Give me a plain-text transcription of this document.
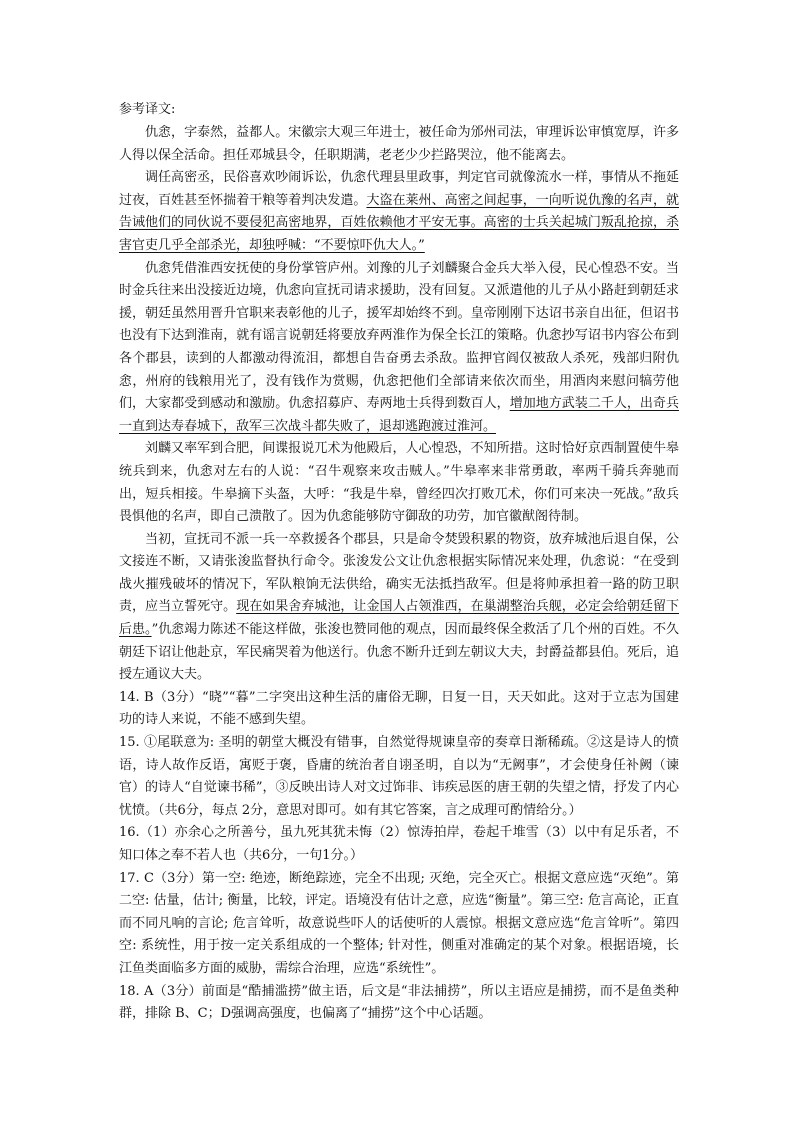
参考译文:

仇悆，字泰然，益都人。宋徽宗大观三年进士，被任命为邠州司法，审理诉讼审慎宽厚，许多人得以保全活命。担任邓城县令，任职期满，老老少少拦路哭泣，他不能离去。

调任高密丞，民俗喜欢吵闹诉讼，仇悆代理县里政事，判定官司就像流水一样，事情从不拖延过夜，百姓甚至怀揣着干粮等着判决发遣。大盗在莱州、高密之间起事，一向听说仇豫的名声，就告诫他们的同伙说不要侵犯高密地界，百姓依赖他才平安无事。高密的士兵关起城门叛乱抢掠，杀害官吏几乎全部杀光，却独呼喊：“不要惊吓仇大人。”

仇悆凭借淮西安抚使的身份掌管庐州。刘豫的儿子刘麟聚合金兵大举入侵，民心惶恐不安。当时金兵往来出没接近边境，仇悆向宣抚司请求援助，没有回复。又派遣他的儿子从小路赶到朝廷求援，朝廷虽然用晋升官职来表彰他的儿子，援军却始终不到。皇帝刚刚下达诏书亲自出征，但诏书也没有下达到淮南，就有谣言说朝廷将要放弃两淮作为保全长江的策略。仇悆抄写诏书内容公布到各个郡县，读到的人都激动得流泪，都想自告奋勇去杀敌。监押官阎仅被敌人杀死，残部归附仇悆，州府的钱粮用光了，没有钱作为赏赐，仇悆把他们全部请来依次而坐，用酒肉来慰问犒劳他们，大家都受到感动和激励。仇悆招募庐、寿两地士兵得到数百人，增加地方武装二千人，出奇兵一直到达寿春城下，敌军三次战斗都失败了，退却逃跑渡过淮河。

刘麟又率军到合肥，间谍报说兀术为他殿后，人心惶恐，不知所措。这时恰好京西制置使牛皋统兵到来，仇悆对左右的人说：“召牛观察来攻击贼人。”牛皋率来非常勇敢，率两千骑兵奔驰而出，短兵相接。牛皋摘下头盔，大呼：“我是牛皋，曾经四次打败兀术，你们可来决一死战。”敌兵畏惧他的名声，即自己溃散了。因为仇悆能够防守御敌的功劳，加官徽猷阁待制。

当初，宣抚司不派一兵一卒救援各个郡县，只是命令焚毁积累的物资，放弃城池后退自保，公文接连不断，又请张浚监督执行命令。张浚发公文让仇悆根据实际情况来处理，仇悆说：“在受到战火摧残破坏的情况下，军队粮饷无法供给，确实无法抵挡敌军。但是将帅承担着一路的防卫职责，应当立誓死守。现在如果舍弃城池，让金国人占领淮西，在巢湖整治兵舰，必定会给朝廷留下后患。”仇悆竭力陈述不能这样做，张浚也赞同他的观点，因而最终保全救活了几个州的百姓。不久朝廷下诏让他赴京，军民痛哭着为他送行。仇悆不断升迁到左朝议大夫，封爵益都县伯。死后，追授左通议大夫。

14. B（3分）“晓”“暮”二字突出这种生活的庸俗无聊，日复一日，天天如此。这对于立志为国建功的诗人来说，不能不感到失望。

15. ①尾联意为: 圣明的朝堂大概没有错事，自然觉得规谏皇帝的奏章日渐稀疏。②这是诗人的愤语，诗人故作反语，寓贬于褒，昏庸的统治者自诩圣明，自以为“无阙事”，才会使身任补阙（谏官）的诗人“自觉谏书稀”，③反映出诗人对文过饰非、讳疾忌医的唐王朝的失望之情，抒发了内心忧愤。（共6分，每点 2分，意思对即可。如有其它答案，言之成理可酌情给分。）

16.（1）亦余心之所善兮，虽九死其犹未悔（2）惊涛拍岸，卷起千堆雪（3）以中有足乐者，不知口体之奉不若人也（共6分，一句1分。）

17. C（3分）第一空: 绝迹，断绝踪迹，完全不出现; 灭绝，完全灭亡。根据文意应选“灭绝”。第二空: 估量，估计; 衡量，比较，评定。语境没有估计之意，应选“衡量”。第三空: 危言高论，正直而不同凡响的言论; 危言耸听，故意说些吓人的话使听的人震惊。根据文意应选“危言耸听”。第四空: 系统性，用于按一定关系组成的一个整体; 针对性，侧重对准确定的某个对象。根据语境，长江鱼类面临多方面的威胁，需综合治理，应选“系统性”。

18. A（3分）前面是“酷捕滥捞”做主语，后文是“非法捕捞”，所以主语应是捕捞，而不是鱼类种群，排除 B、C；D强调高强度，也偏离了“捕捞”这个中心话题。
